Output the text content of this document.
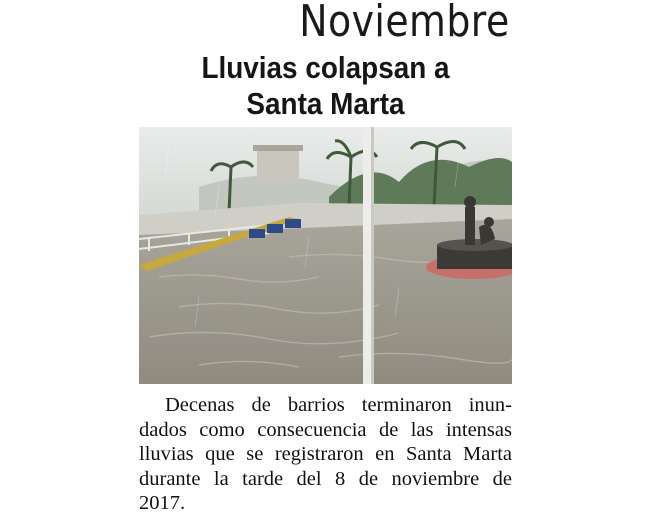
Noviembre
Lluvias colapsan a
Santa Marta
Decenas de barrios terminaron inun-
dados como consecuencia de las intensas
lluvias que se registraron en Santa Marta
durante la tarde del 8 de noviembre de
2017.
